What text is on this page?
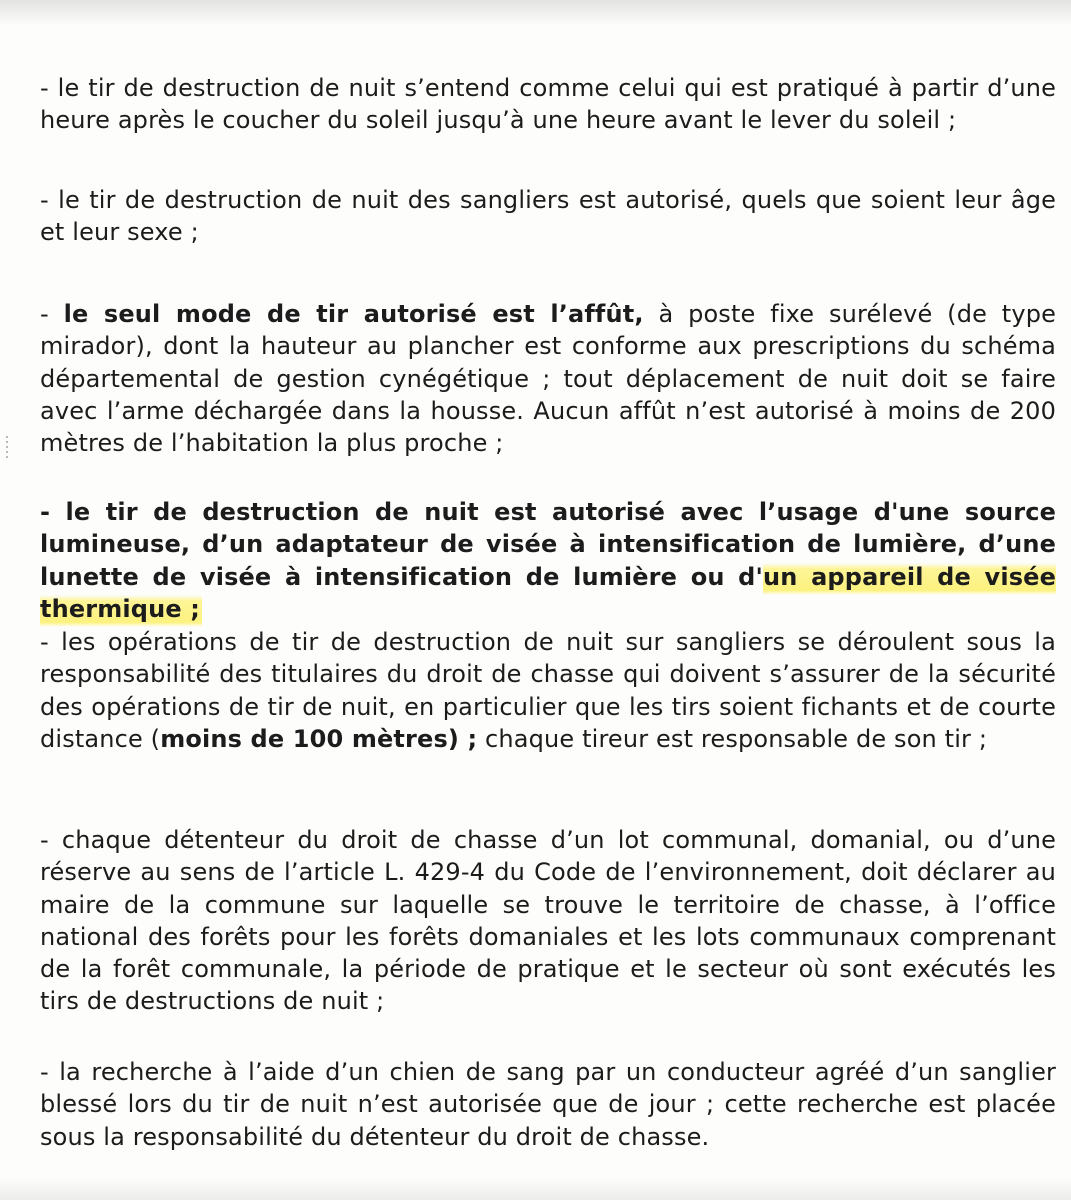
- le tir de destruction de nuit s’entend comme celui qui est pratiqué à partir d’une heure après le coucher du soleil jusqu’à une heure avant le lever du soleil ;

- le tir de destruction de nuit des sangliers est autorisé, quels que soient leur âge et leur sexe ;

- le seul mode de tir autorisé est l’affût, à poste fixe surélevé (de type mirador), dont la hauteur au plancher est conforme aux prescriptions du schéma départemental de gestion cynégétique ; tout déplacement de nuit doit se faire avec l’arme déchargée dans la housse. Aucun affût n’est autorisé à moins de 200 mètres de l’habitation la plus proche ;

- le tir de destruction de nuit est autorisé avec l’usage d'une source lumineuse, d’un adaptateur de visée à intensification de lumière, d’une lunette de visée à intensification de lumière ou d'un appareil de visée thermique ;

- les opérations de tir de destruction de nuit sur sangliers se déroulent sous la responsabilité des titulaires du droit de chasse qui doivent s’assurer de la sécurité des opérations de tir de nuit, en particulier que les tirs soient fichants et de courte distance (moins de 100 mètres) ; chaque tireur est responsable de son tir ;

- chaque détenteur du droit de chasse d’un lot communal, domanial, ou d’une réserve au sens de l’article L. 429-4 du Code de l’environnement, doit déclarer au maire de la commune sur laquelle se trouve le territoire de chasse, à l’office national des forêts pour les forêts domaniales et les lots communaux comprenant de la forêt communale, la période de pratique et le secteur où sont exécutés les tirs de destructions de nuit ;

- la recherche à l’aide d’un chien de sang par un conducteur agréé d’un sanglier blessé lors du tir de nuit n’est autorisée que de jour ; cette recherche est placée sous la responsabilité du détenteur du droit de chasse.
